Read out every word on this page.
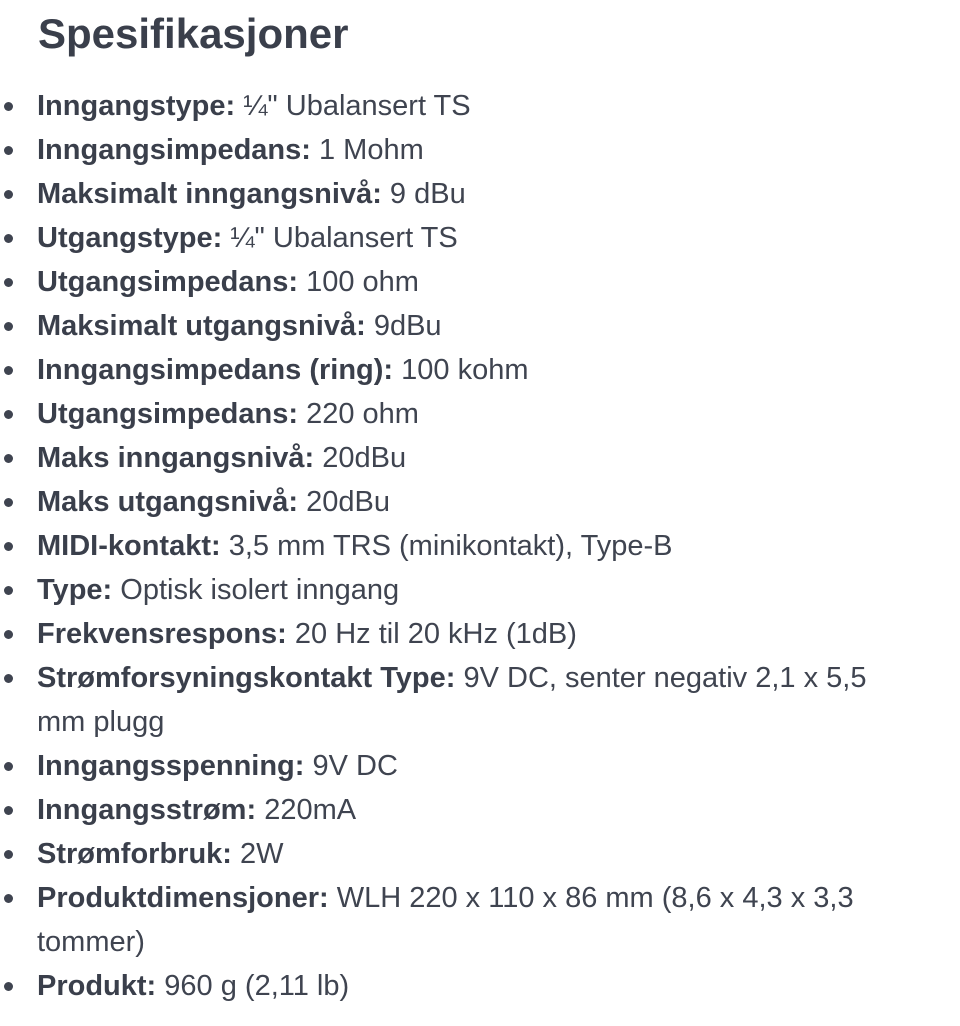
Spesifikasjoner
Inngangstype: ¼" Ubalansert TS
Inngangsimpedans: 1 Mohm
Maksimalt inngangsnivå: 9 dBu
Utgangstype: ¼" Ubalansert TS
Utgangsimpedans: 100 ohm
Maksimalt utgangsnivå: 9dBu
Inngangsimpedans (ring): 100 kohm
Utgangsimpedans: 220 ohm
Maks inngangsnivå: 20dBu
Maks utgangsnivå: 20dBu
MIDI-kontakt: 3,5 mm TRS (minikontakt), Type-B
Type: Optisk isolert inngang
Frekvensrespons: 20 Hz til 20 kHz (1dB)
Strømforsyningskontakt Type: 9V DC, senter negativ 2,1 x 5,5 mm plugg
Inngangsspenning: 9V DC
Inngangsstrøm: 220mA
Strømforbruk: 2W
Produktdimensjoner: WLH 220 x 110 x 86 mm (8,6 x 4,3 x 3,3 tommer)
Produkt: 960 g (2,11 lb)
